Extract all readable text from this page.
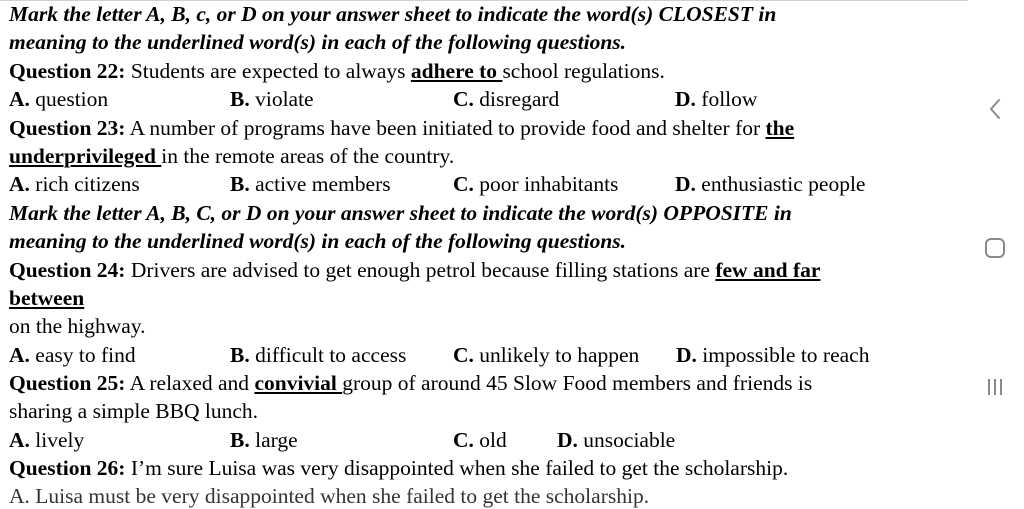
Mark the letter A, B, c, or D on your answer sheet to indicate the word(s) CLOSEST in
meaning to the underlined word(s) in each of the following questions.
Question 22: Students are expected to always adhere to school regulations.
A. question	B. violate	C. disregard	D. follow
Question 23: A number of programs have been initiated to provide food and shelter for the
underprivileged in the remote areas of the country.
A. rich citizens	B. active members	C. poor inhabitants	D. enthusiastic people
Mark the letter A, B, C, or D on your answer sheet to indicate the word(s) OPPOSITE in
meaning to the underlined word(s) in each of the following questions.
Question 24: Drivers are advised to get enough petrol because filling stations are few and far
between
on the highway.
A. easy to find	B. difficult to access C. unlikely to happen D. impossible to reach
Question 25: A relaxed and convivial group of around 45 Slow Food members and friends is
sharing a simple BBQ lunch.
A. lively	B. large	C. old D. unsociable
Question 26: I’m sure Luisa was very disappointed when she failed to get the scholarship.
A. Luisa must be very disappointed when she failed to get the scholarship.
